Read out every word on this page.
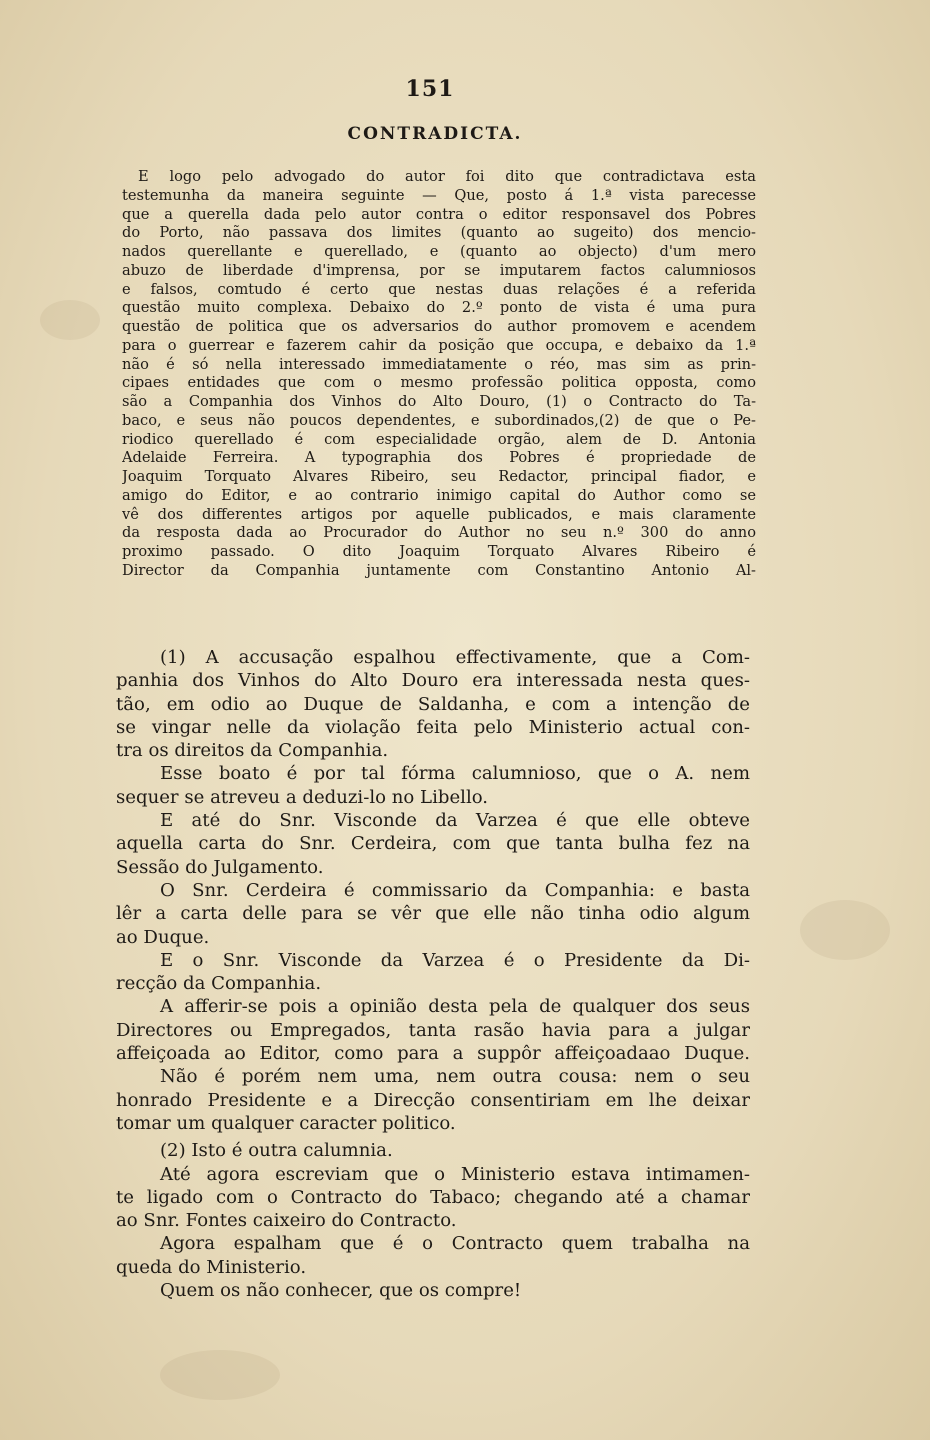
151
CONTRADICTA.
E logo pelo advogado do autor foi dito que contradictava esta
testemunha da maneira seguinte — Que, posto á 1.ª vista parecesse
que a querella dada pelo autor contra o editor responsavel dos Pobres
do Porto, não passava dos limites (quanto ao sugeito) dos mencio-
nados querellante e querellado, e (quanto ao objecto) d'um mero
abuzo de liberdade d'imprensa, por se imputarem factos calumniosos
e falsos, comtudo é certo que nestas duas relações é a referida
questão muito complexa. Debaixo do 2.º ponto de vista é uma pura
questão de politica que os adversarios do author promovem e acendem
para o guerrear e fazerem cahir da posição que occupa, e debaixo da 1.ª
não é só nella interessado immediatamente o réo, mas sim as prin-
cipaes entidades que com o mesmo professão politica opposta, como
são a Companhia dos Vinhos do Alto Douro, (1) o Contracto do Ta-
baco, e seus não poucos dependentes, e subordinados,(2) de que o Pe-
riodico querellado é com especialidade orgão, alem de D. Antonia
Adelaide Ferreira. A typographia dos Pobres é propriedade de
Joaquim Torquato Alvares Ribeiro, seu Redactor, principal fiador, e
amigo do Editor, e ao contrario inimigo capital do Author como se
vê dos differentes artigos por aquelle publicados, e mais claramente
da resposta dada ao Procurador do Author no seu n.º 300 do anno
proximo passado. O dito Joaquim Torquato Alvares Ribeiro é
Director da Companhia juntamente com Constantino Antonio Al-

(1) A accusação espalhou effectivamente, que a Com-
panhia dos Vinhos do Alto Douro era interessada nesta ques-
tão, em odio ao Duque de Saldanha, e com a intenção de
se vingar nelle da violação feita pelo Ministerio actual con-
tra os direitos da Companhia.

Esse boato é por tal fórma calumnioso, que o A. nem
sequer se atreveu a deduzi-lo no Libello.

E até do Snr. Visconde da Varzea é que elle obteve
aquella carta do Snr. Cerdeira, com que tanta bulha fez na
Sessão do Julgamento.

O Snr. Cerdeira é commissario da Companhia: e basta
lêr a carta delle para se vêr que elle não tinha odio algum
ao Duque.

E o Snr. Visconde da Varzea é o Presidente da Di-
recção da Companhia.

A afferir-se pois a opinião desta pela de qualquer dos seus
Directores ou Empregados, tanta rasão havia para a julgar
affeiçoada ao Editor, como para a suppôr affeiçoadaao Duque.

Não é porém nem uma, nem outra cousa: nem o seu
honrado Presidente e a Direcção consentiriam em lhe deixar
tomar um qualquer caracter politico.

(2) Isto é outra calumnia.

Até agora escreviam que o Ministerio estava intimamen-
te ligado com o Contracto do Tabaco; chegando até a chamar
ao Snr. Fontes caixeiro do Contracto.

Agora espalham que é o Contracto quem trabalha na
queda do Ministerio.

Quem os não conhecer, que os compre!
